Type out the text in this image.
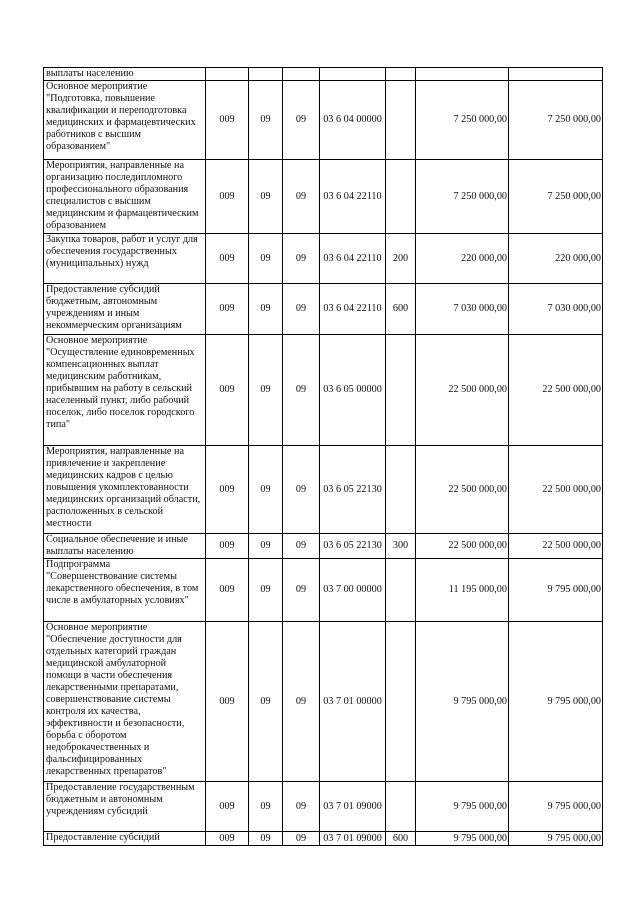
выплаты населению							
Основное мероприятие "Подготовка, повышение квалификации и переподготовка медицинских и фармацевтических работников с высшим образованием"	009	09	09	03 6 04 00000		7 250 000,00	7 250 000,00
Мероприятия, направленные на организацию последипломного профессионального образования специалистов с высшим медицинским и фармацевтическим образованием	009	09	09	03 6 04 22110		7 250 000,00	7 250 000,00
Закупка товаров, работ и услуг для обеспечения государственных (муниципальных) нужд	009	09	09	03 6 04 22110	200	220 000,00	220 000,00
Предоставление субсидий бюджетным, автономным учреждениям и иным некоммерческим организациям	009	09	09	03 6 04 22110	600	7 030 000,00	7 030 000,00
Основное мероприятие "Осуществление единовременных компенсационных выплат медицинским работникам, прибывшим на работу в сельский населенный пункт, либо рабочий поселок, либо поселок городского типа"	009	09	09	03 6 05 00000		22 500 000,00	22 500 000,00
Мероприятия, направленные на привлечение и закрепление медицинских кадров с целью повышения укомплектованности медицинских организаций области, расположенных в сельской местности	009	09	09	03 6 05 22130		22 500 000,00	22 500 000,00
Социальное обеспечение и иные выплаты населению	009	09	09	03 6 05 22130	300	22 500 000,00	22 500 000,00
Подпрограмма "Совершенствование системы лекарственного обеспечения, в том числе в амбулаторных условиях"	009	09	09	03 7 00 00000		11 195 000,00	9 795 000,00
Основное мероприятие "Обеспечение доступности для отдельных категорий граждан медицинской амбулаторной помощи в части обеспечения лекарственными препаратами, совершенствование системы контроля их качества, эффективности и безопасности, борьба с оборотом недоброкачественных и фальсифицированных лекарственных препаратов"	009	09	09	03 7 01 00000		9 795 000,00	9 795 000,00
Предоставление государственным бюджетным и автономным учреждениям субсидий	009	09	09	03 7 01 09000		9 795 000,00	9 795 000,00
Предоставление субсидий	009	09	09	03 7 01 09000	600	9 795 000,00	9 795 000,00
